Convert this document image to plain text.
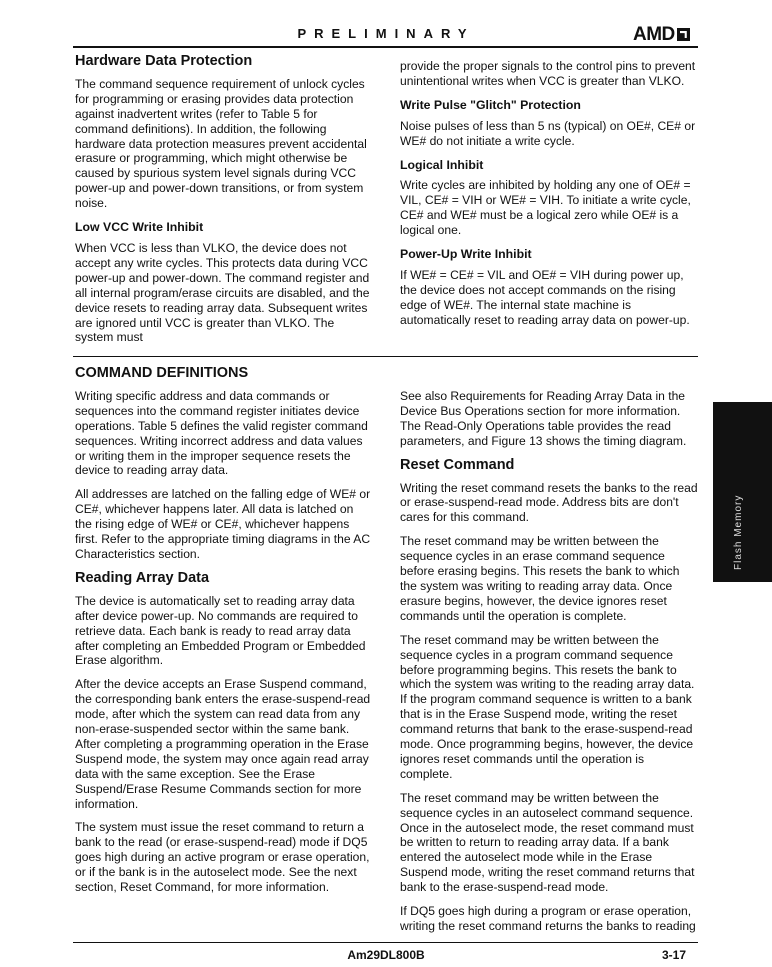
PRELIMINARY	AMD
Hardware Data Protection

The command sequence requirement of unlock cycles for programming or erasing provides data protection against inadvertent writes (refer to Table 5 for command definitions). In addition, the following hardware data protection measures prevent accidental erasure or programming, which might otherwise be caused by spurious system level signals during VCC power-up and power-down transitions, or from system noise.

Low VCC Write Inhibit

When VCC is less than VLKO, the device does not accept any write cycles. This protects data during VCC power-up and power-down. The command register and all internal program/erase circuits are disabled, and the device resets to reading array data. Subsequent writes are ignored until VCC is greater than VLKO. The system must

provide the proper signals to the control pins to prevent unintentional writes when VCC is greater than VLKO.

Write Pulse "Glitch" Protection

Noise pulses of less than 5 ns (typical) on OE#, CE# or WE# do not initiate a write cycle.

Logical Inhibit

Write cycles are inhibited by holding any one of OE# = VIL, CE# = VIH or WE# = VIH. To initiate a write cycle, CE# and WE# must be a logical zero while OE# is a logical one.

Power-Up Write Inhibit

If WE# = CE# = VIL and OE# = VIH during power up, the device does not accept commands on the rising edge of WE#. The internal state machine is automatically reset to reading array data on power-up.

COMMAND DEFINITIONS

Writing specific address and data commands or sequences into the command register initiates device operations. Table 5 defines the valid register command sequences. Writing incorrect address and data values or writing them in the improper sequence resets the device to reading array data.

All addresses are latched on the falling edge of WE# or CE#, whichever happens later. All data is latched on the rising edge of WE# or CE#, whichever happens first. Refer to the appropriate timing diagrams in the AC Characteristics section.

Reading Array Data

The device is automatically set to reading array data after device power-up. No commands are required to retrieve data. Each bank is ready to read array data after completing an Embedded Program or Embedded Erase algorithm.

After the device accepts an Erase Suspend command, the corresponding bank enters the erase-suspend-read mode, after which the system can read data from any non-erase-suspended sector within the same bank. After completing a programming operation in the Erase Suspend mode, the system may once again read array data with the same exception. See the Erase Suspend/Erase Resume Commands section for more information.

The system must issue the reset command to return a bank to the read (or erase-suspend-read) mode if DQ5 goes high during an active program or erase operation, or if the bank is in the autoselect mode. See the next section, Reset Command, for more information.

See also Requirements for Reading Array Data in the Device Bus Operations section for more information. The Read-Only Operations table provides the read parameters, and Figure 13 shows the timing diagram.

Reset Command

Writing the reset command resets the banks to the read or erase-suspend-read mode. Address bits are don't cares for this command.

The reset command may be written between the sequence cycles in an erase command sequence before erasing begins. This resets the bank to which the system was writing to reading array data. Once erasure begins, however, the device ignores reset commands until the operation is complete.

The reset command may be written between the sequence cycles in a program command sequence before programming begins. This resets the bank to which the system was writing to the reading array data. If the program command sequence is written to a bank that is in the Erase Suspend mode, writing the reset command returns that bank to the erase-suspend-read mode. Once programming begins, however, the device ignores reset commands until the operation is complete.

The reset command may be written between the sequence cycles in an autoselect command sequence. Once in the autoselect mode, the reset command must be written to return to reading array data. If a bank entered the autoselect mode while in the Erase Suspend mode, writing the reset command returns that bank to the erase-suspend-read mode.

If DQ5 goes high during a program or erase operation, writing the reset command returns the banks to reading

Flash Memory
Am29DL800B	3-17
